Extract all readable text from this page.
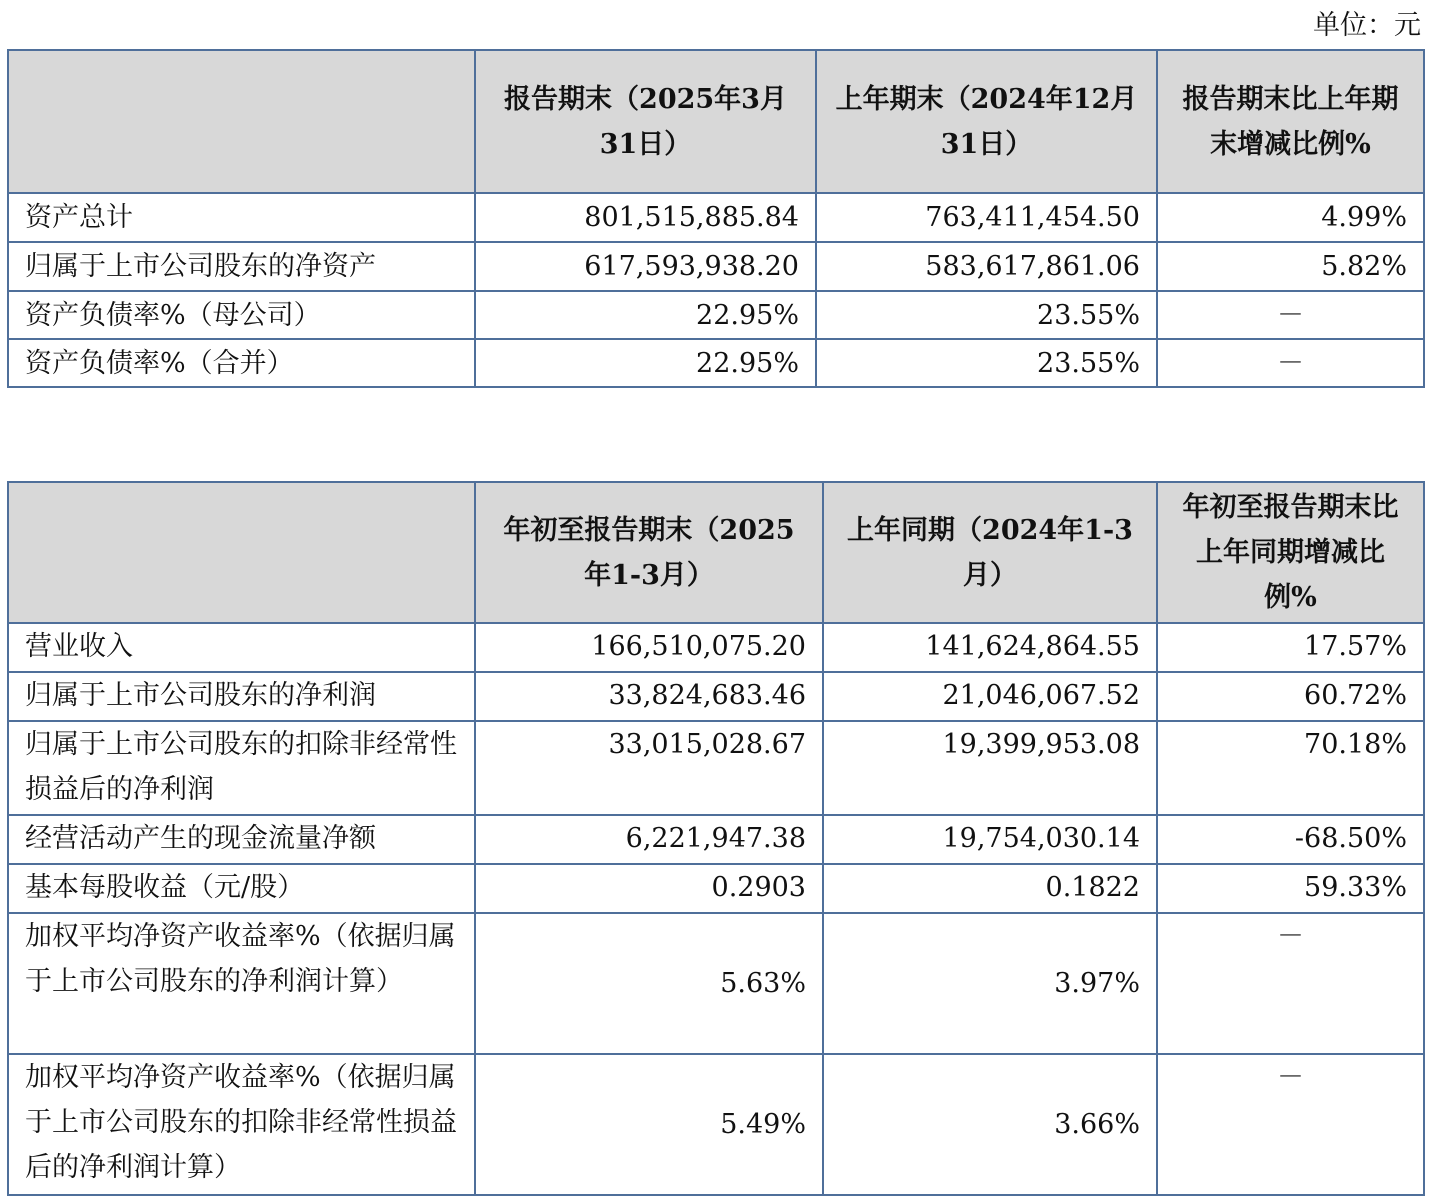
单位：元
	报告期末（2025年3月31日）	上年期末（2024年12月31日）	报告期末比上年期末增减比例%
资产总计	801,515,885.84	763,411,454.50	4.99%
归属于上市公司股东的净资产	617,593,938.20	583,617,861.06	5.82%
资产负债率%（母公司）	22.95%	23.55%	－
资产负债率%（合并）	22.95%	23.55%	－
	年初至报告期末（2025年1-3月）	上年同期（2024年1-3月）	年初至报告期末比上年同期增减比例%
营业收入	166,510,075.20	141,624,864.55	17.57%
归属于上市公司股东的净利润	33,824,683.46	21,046,067.52	60.72%
归属于上市公司股东的扣除非经常性损益后的净利润	33,015,028.67	19,399,953.08	70.18%
经营活动产生的现金流量净额	6,221,947.38	19,754,030.14	-68.50%
基本每股收益（元/股）	0.2903	0.1822	59.33%
加权平均净资产收益率%（依据归属于上市公司股东的净利润计算）	5.63%	3.97%	－
加权平均净资产收益率%（依据归属于上市公司股东的扣除非经常性损益后的净利润计算）	5.49%	3.66%	－
